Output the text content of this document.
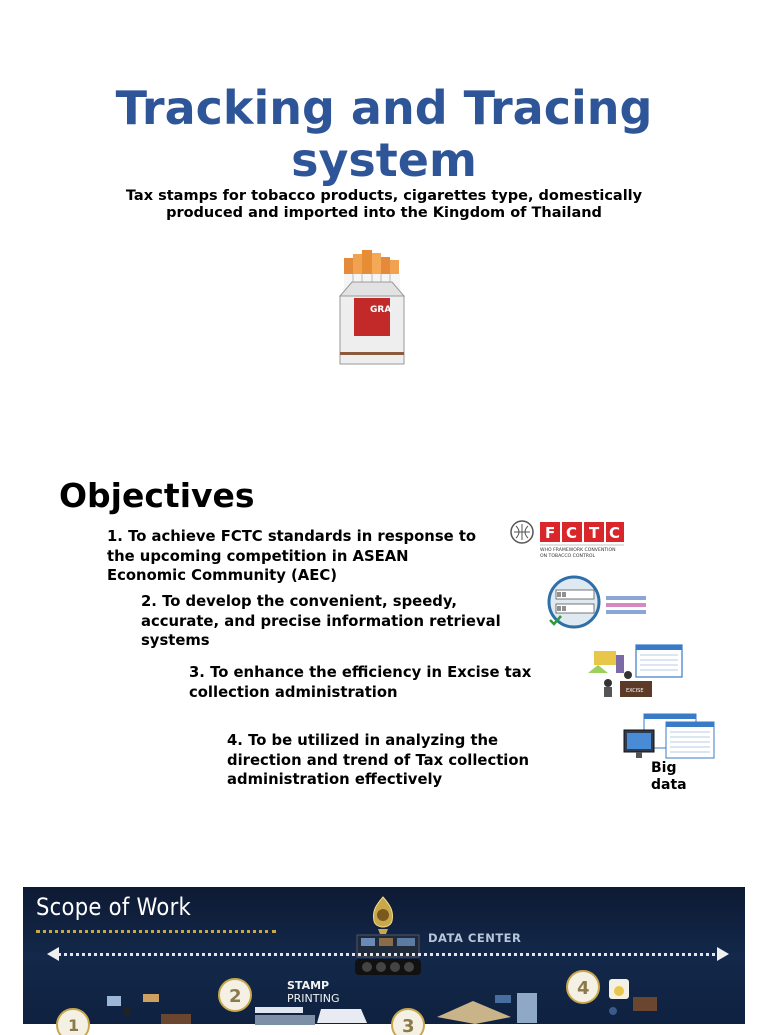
Tracking and Tracing system

Tax stamps for tobacco products, cigarettes type, domestically produced and imported into the Kingdom of Thailand

GRA
Objectives

1. To achieve FCTC standards in response to the upcoming competition in ASEAN Economic Community (AEC)

2. To develop the convenient, speedy, accurate, and precise information retrieval systems

3. To enhance the efficiency in Excise tax collection administration

4. To be utilized in analyzing the direction and trend of Tax collection administration effectively

F C T C
WHO FRAMEWORK CONVENTION
ON TOBACCO CONTROL
EXCISE

Big data

Scope of Work

DATA CENTER

1
2
3
4

STAMP
PRINTING
